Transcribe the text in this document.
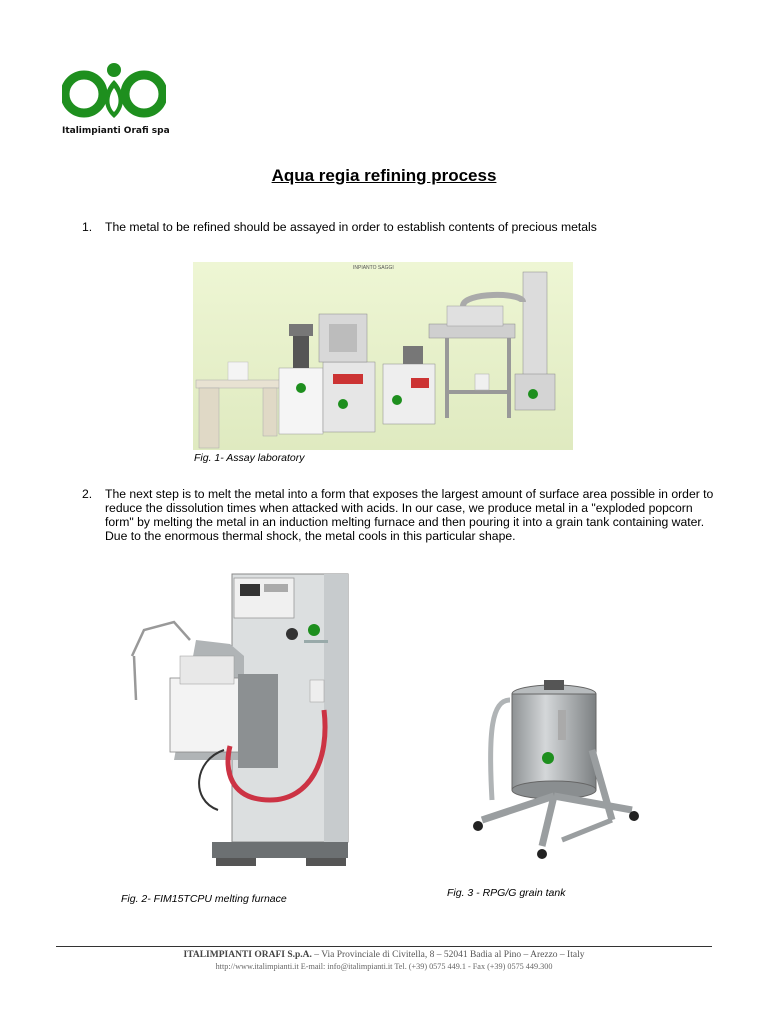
Italimpianti Orafi spa
Aqua regia refining process
1. The metal to be refined should be assayed in order to establish contents of precious metals
INPIANTO SAGGI
Fig. 1- Assay laboratory
2. The next step is to melt the metal into a form that exposes the largest amount of surface area possible in order to reduce the dissolution times when attacked with acids. In our case, we produce metal in a "exploded popcorn form" by melting the metal in an induction melting furnace and then pouring it into a grain tank containing water. Due to the enormous thermal shock, the metal cools in this particular shape.
Fig. 2- FIM15TCPU melting furnace	Fig. 3 - RPG/G grain tank
ITALIMPIANTI ORAFI S.p.A. – Via Provinciale di Civitella, 8 – 52041 Badia al Pino – Arezzo – Italy
http://www.italimpianti.it E-mail: info@italimpianti.it Tel. (+39) 0575 449.1 - Fax (+39) 0575 449.300
